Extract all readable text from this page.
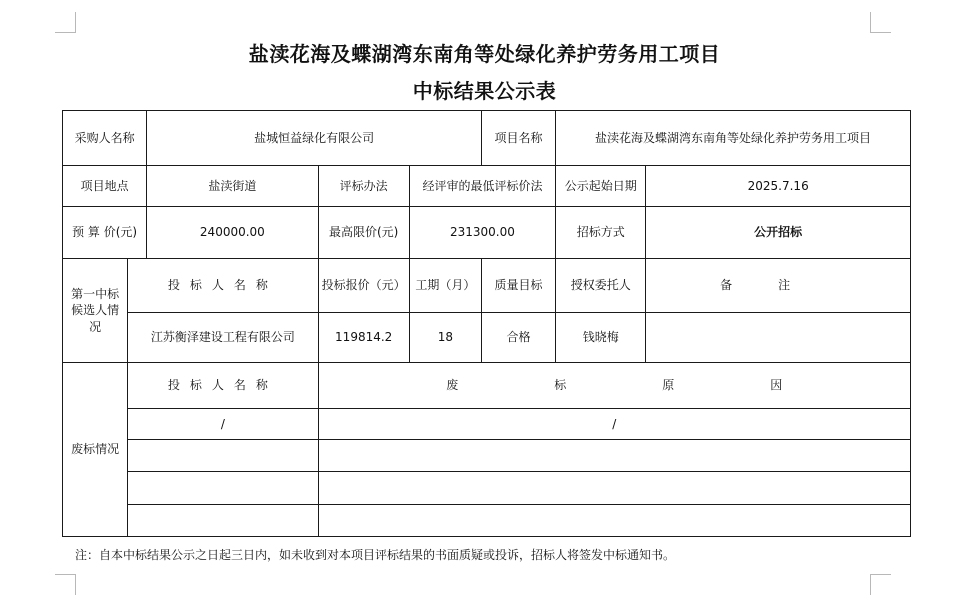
盐渎花海及蝶湖湾东南角等处绿化养护劳务用工项目
中标结果公示表
采购人名称		盐城恒益绿化有限公司			项目名称	盐渎花海及蝶湖湾东南角等处绿化养护劳务用工项目	
项目地点		盐渎街道	评标办法	经评审的最低评标价法		公示起始日期	2025.7.16
预 算 价(元)		240000.00	最高限价(元)	231300.00		招标方式	公开招标
第一中标候选人情况	投标人名称		投标报价（元）	工期（月）	质量目标	授权委托人	备注
	江苏衡泽建设工程有限公司		119814.2	18	合格	钱晓梅	
废标情况	投标人名称		废标原因				
	/		/				

注：自本中标结果公示之日起三日内，如未收到对本项目评标结果的书面质疑或投诉，招标人将签发中标通知书。
